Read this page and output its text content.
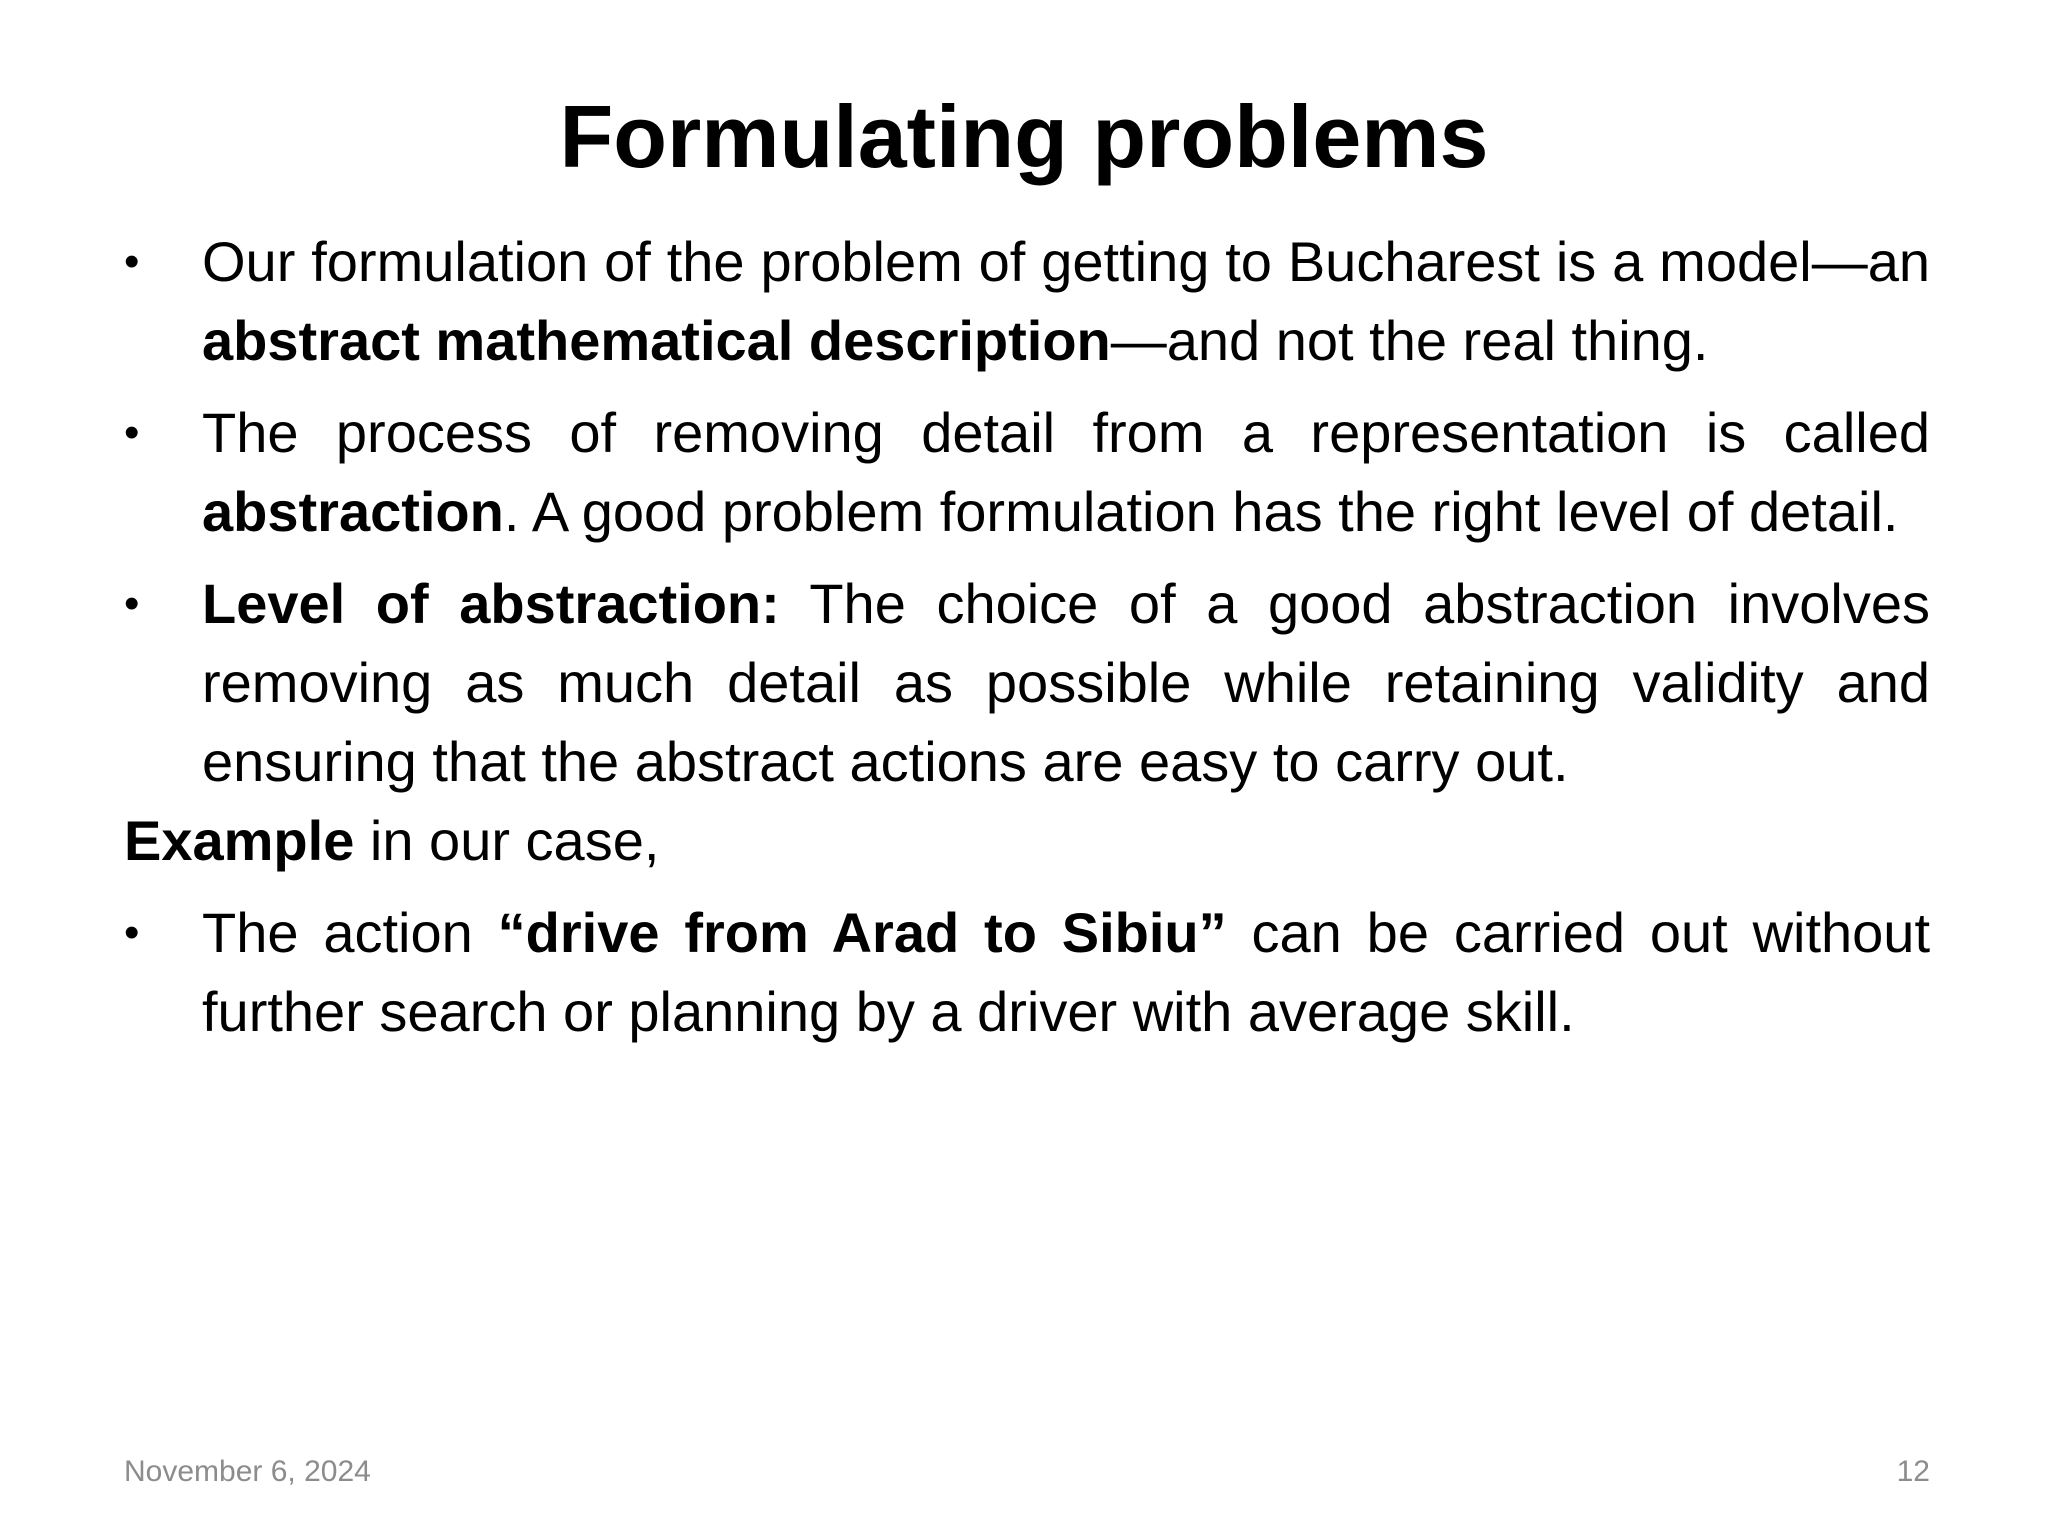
Formulating problems

• Our formulation of the problem of getting to Bucharest is a model—an abstract mathematical description—and not the real thing.

• The process of removing detail from a representation is called abstraction. A good problem formulation has the right level of detail.

• Level of abstraction: The choice of a good abstraction involves removing as much detail as possible while retaining validity and ensuring that the abstract actions are easy to carry out.

Example in our case,

• The action “drive from Arad to Sibiu” can be carried out without further search or planning by a driver with average skill.

November 6, 2024	12
